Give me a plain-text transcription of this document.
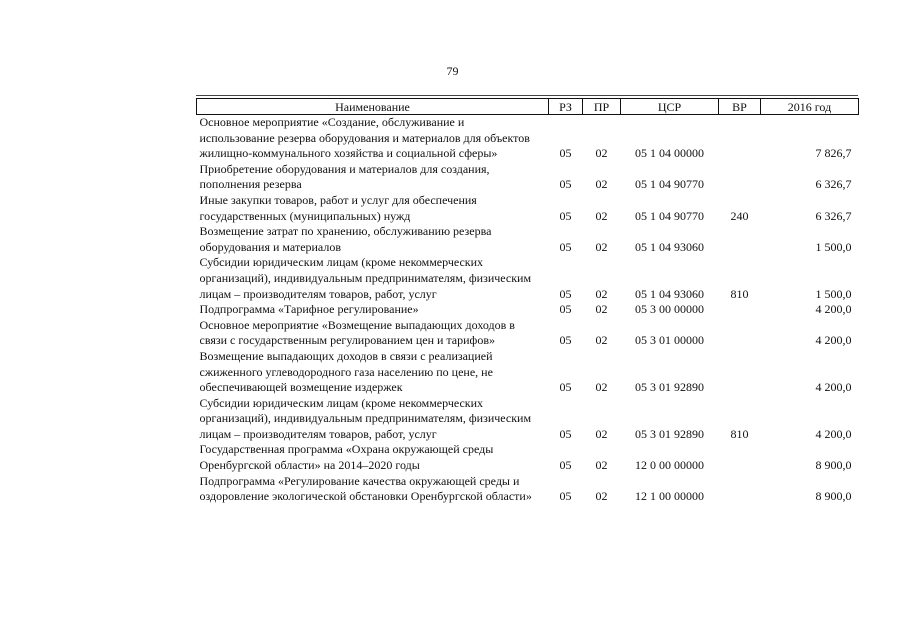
79
Наименование	РЗ	ПР	ЦСР	ВР	2016 год
Основное мероприятие «Создание, обслуживание и использование резерва оборудования и материалов для объектов жилищно-коммунального хозяйства и социальной сферы»	05	02	05 1 04 00000		7 826,7
Приобретение оборудования и материалов для создания, пополнения резерва	05	02	05 1 04 90770		6 326,7
Иные закупки товаров, работ и услуг для обеспечения государственных (муниципальных) нужд	05	02	05 1 04 90770	240	6 326,7
Возмещение затрат по хранению, обслуживанию резерва оборудования и материалов	05	02	05 1 04 93060		1 500,0
Субсидии юридическим лицам (кроме некоммерческих организаций), индивидуальным предпринимателям, физическим лицам – производителям товаров, работ, услуг	05	02	05 1 04 93060	810	1 500,0
Подпрограмма «Тарифное регулирование»	05	02	05 3 00 00000		4 200,0
Основное мероприятие «Возмещение выпадающих доходов в связи с государственным регулированием цен и тарифов»	05	02	05 3 01 00000		4 200,0
Возмещение выпадающих доходов в связи с реализацией сжиженного углеводородного газа населению по цене, не обеспечивающей возмещение издержек	05	02	05 3 01 92890		4 200,0
Субсидии юридическим лицам (кроме некоммерческих организаций), индивидуальным предпринимателям, физическим лицам – производителям товаров, работ, услуг	05	02	05 3 01 92890	810	4 200,0
Государственная программа «Охрана окружающей среды Оренбургской области» на 2014–2020 годы	05	02	12 0 00 00000		8 900,0
Подпрограмма «Регулирование качества окружающей среды и оздоровление экологической обстановки Оренбургской области»	05	02	12 1 00 00000		8 900,0
